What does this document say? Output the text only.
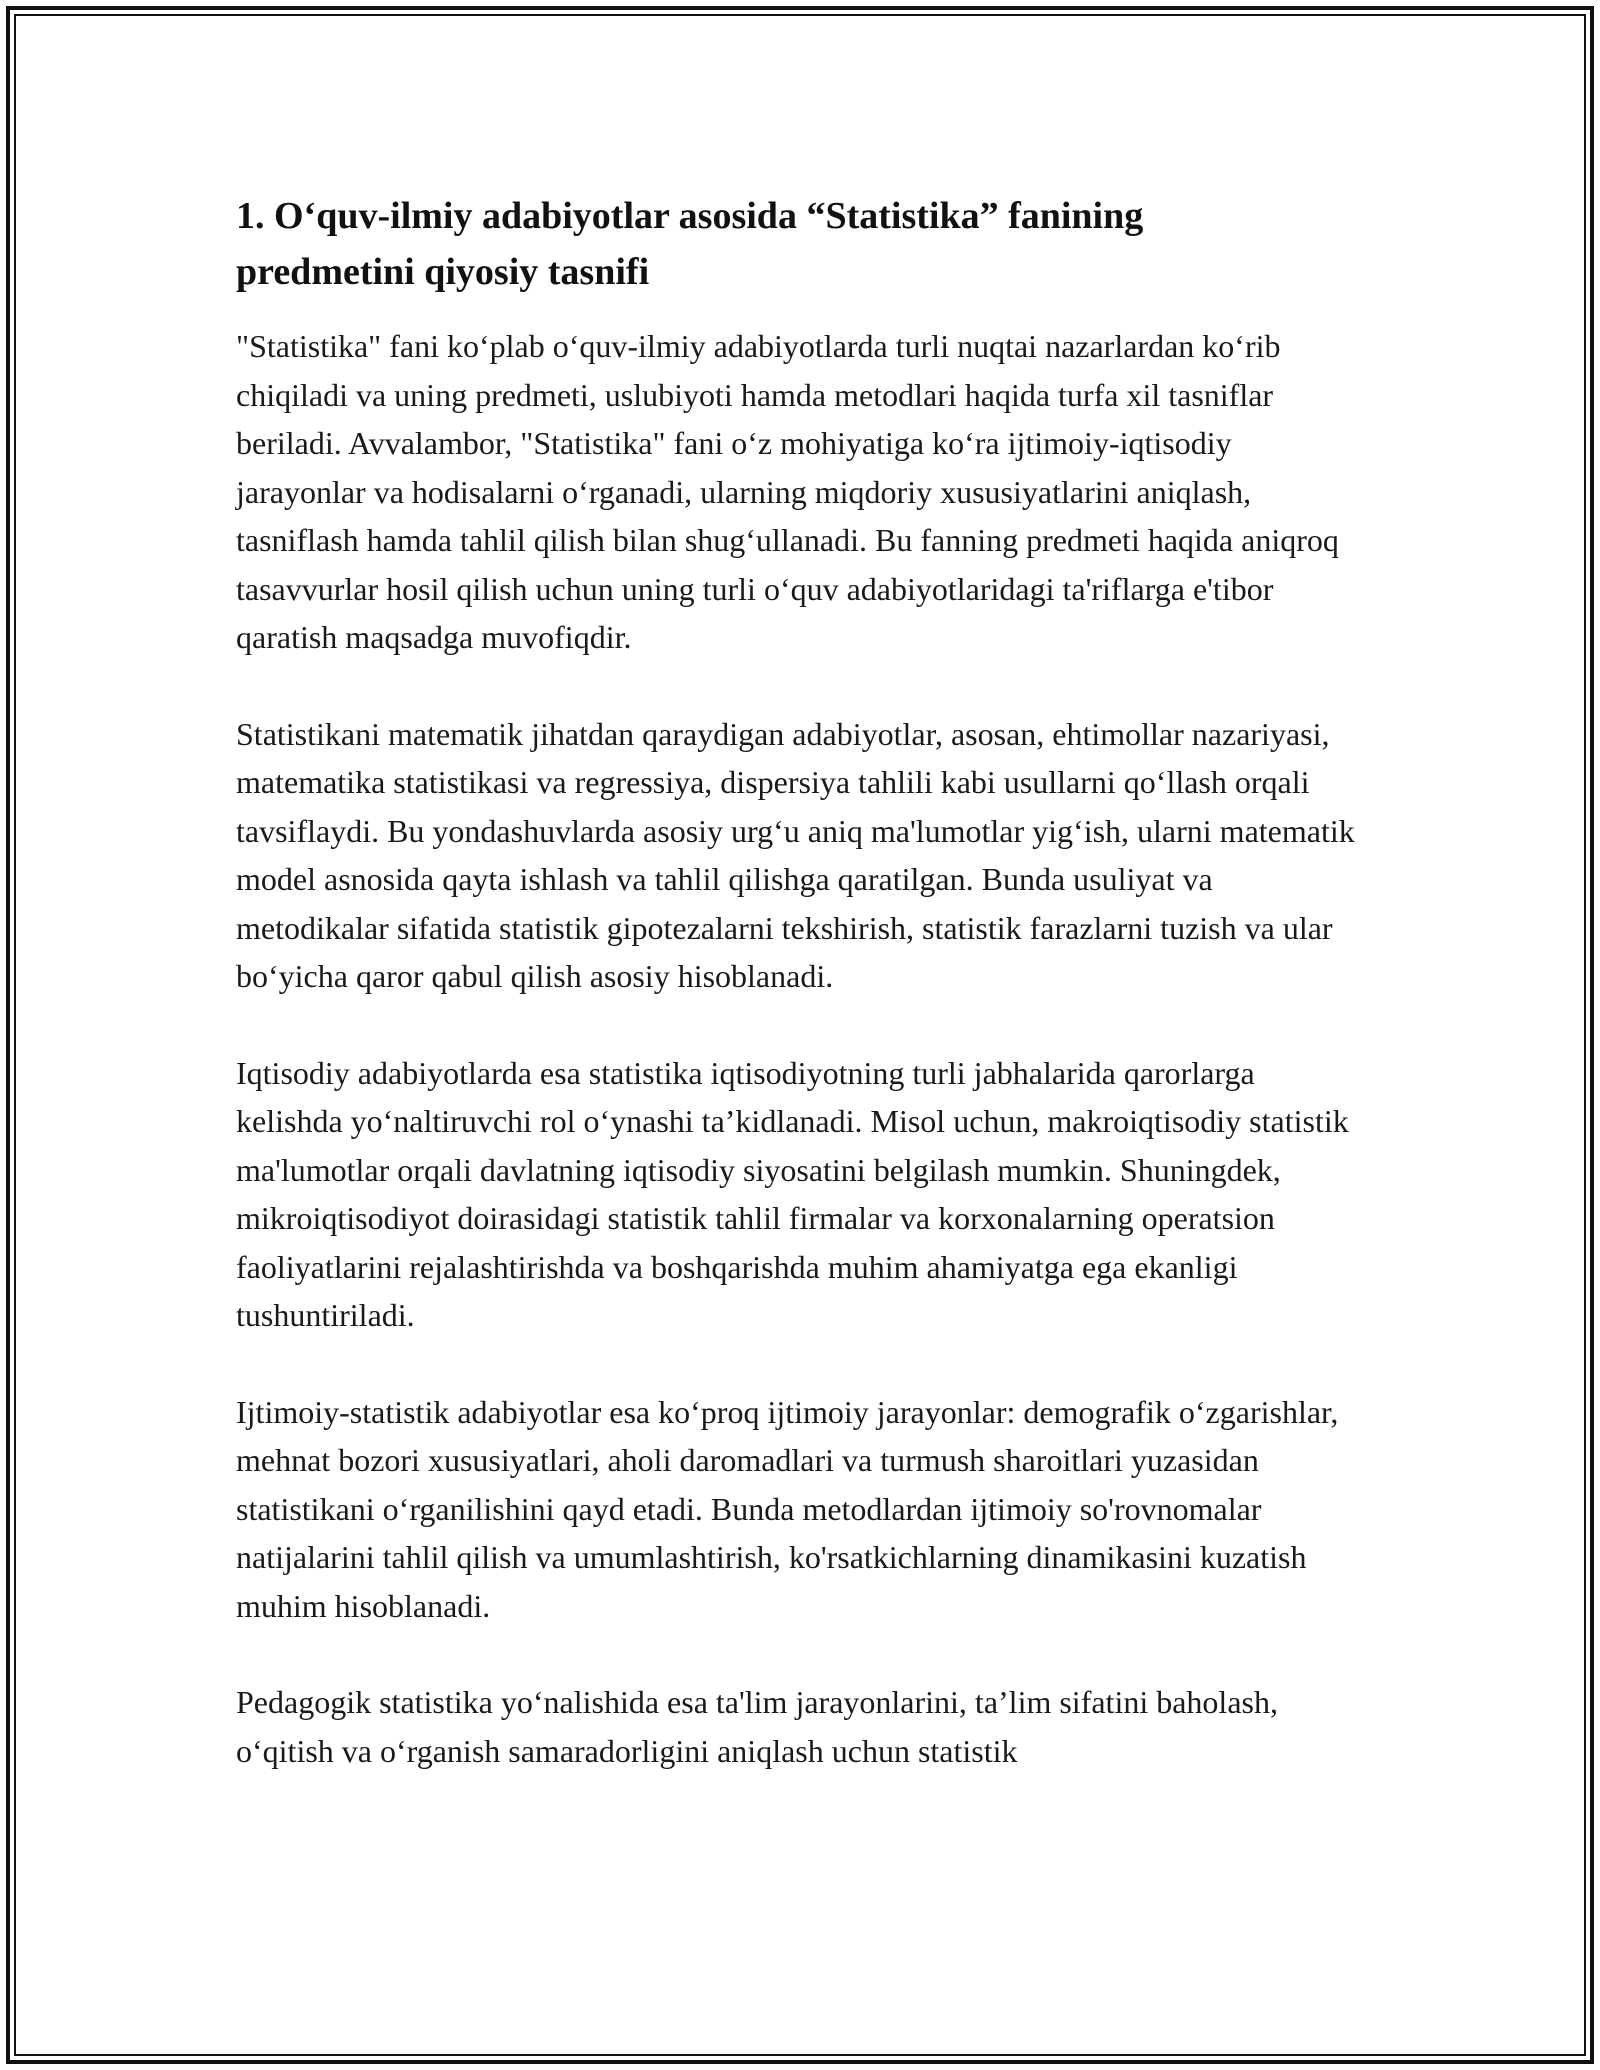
1. O‘quv-ilmiy adabiyotlar asosida “Statistika” fanining
predmetini qiyosiy tasnifi

"Statistika" fani ko‘plab o‘quv-ilmiy adabiyotlarda turli nuqtai nazarlardan ko‘rib chiqiladi va uning predmeti, uslubiyoti hamda metodlari haqida turfa xil tasniflar beriladi. Avvalambor, "Statistika" fani o‘z mohiyatiga ko‘ra ijtimoiy-iqtisodiy jarayonlar va hodisalarni o‘rganadi, ularning miqdoriy xususiyatlarini aniqlash, tasniflash hamda tahlil qilish bilan shug‘ullanadi. Bu fanning predmeti haqida aniqroq tasavvurlar hosil qilish uchun uning turli o‘quv adabiyotlaridagi ta'riflarga e'tibor qaratish maqsadga muvofiqdir.

Statistikani matematik jihatdan qaraydigan adabiyotlar, asosan, ehtimollar nazariyasi, matematika statistikasi va regressiya, dispersiya tahlili kabi usullarni qo‘llash orqali tavsiflaydi. Bu yondashuvlarda asosiy urg‘u aniq ma'lumotlar yig‘ish, ularni matematik model asnosida qayta ishlash va tahlil qilishga qaratilgan. Bunda usuliyat va metodikalar sifatida statistik gipotezalarni tekshirish, statistik farazlarni tuzish va ular bo‘yicha qaror qabul qilish asosiy hisoblanadi.

Iqtisodiy adabiyotlarda esa statistika iqtisodiyotning turli jabhalarida qarorlarga kelishda yo‘naltiruvchi rol o‘ynashi ta’kidlanadi. Misol uchun, makroiqtisodiy statistik ma'lumotlar orqali davlatning iqtisodiy siyosatini belgilash mumkin. Shuningdek, mikroiqtisodiyot doirasidagi statistik tahlil firmalar va korxonalarning operatsion faoliyatlarini rejalashtirishda va boshqarishda muhim ahamiyatga ega ekanligi tushuntiriladi.

Ijtimoiy-statistik adabiyotlar esa ko‘proq ijtimoiy jarayonlar: demografik o‘zgarishlar, mehnat bozori xususiyatlari, aholi daromadlari va turmush sharoitlari yuzasidan statistikani o‘rganilishini qayd etadi. Bunda metodlardan ijtimoiy so'rovnomalar natijalarini tahlil qilish va umumlashtirish, ko'rsatkichlarning dinamikasini kuzatish muhim hisoblanadi.

Pedagogik statistika yo‘nalishida esa ta'lim jarayonlarini, ta’lim sifatini baholash, o‘qitish va o‘rganish samaradorligini aniqlash uchun statistik
